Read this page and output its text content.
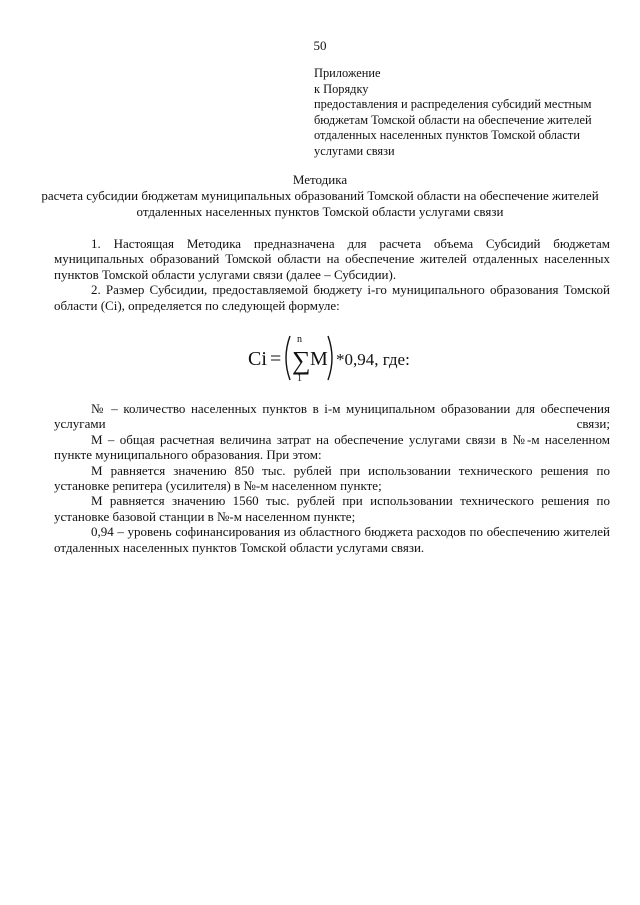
50
Приложение
к Порядку
предоставления и распределения субсидий местным
бюджетам Томской области на обеспечение жителей
отдаленных населенных пунктов Томской области
услугами связи
Методика
расчета субсидии бюджетам муниципальных образований Томской области на обеспечение жителей отдаленных населенных пунктов Томской области услугами связи

1. Настоящая Методика предназначена для расчета объема Субсидий бюджетам муниципальных образований Томской области на обеспечение жителей отдаленных населенных пунктов Томской области услугами связи (далее – Субсидии).

2. Размер Субсидии, предоставляемой бюджету i-го муниципального образования Томской области (Ci), определяется по следующей формуле:

Ci =
n
∑
1
M *0,94, где:

№ – количество населенных пунктов в i-м муниципальном образовании для обеспечения услугами связи;

М – общая расчетная величина затрат на обеспечение услугами связи в №-м населенном пункте муниципального образования. При этом:

М равняется значению 850 тыс. рублей при использовании технического решения по установке репитера (усилителя) в №-м населенном пункте;

М равняется значению 1560 тыс. рублей при использовании технического решения по установке базовой станции в №-м населенном пункте;

0,94 – уровень софинансирования из областного бюджета расходов по обеспечению жителей отдаленных населенных пунктов Томской области услугами связи.
